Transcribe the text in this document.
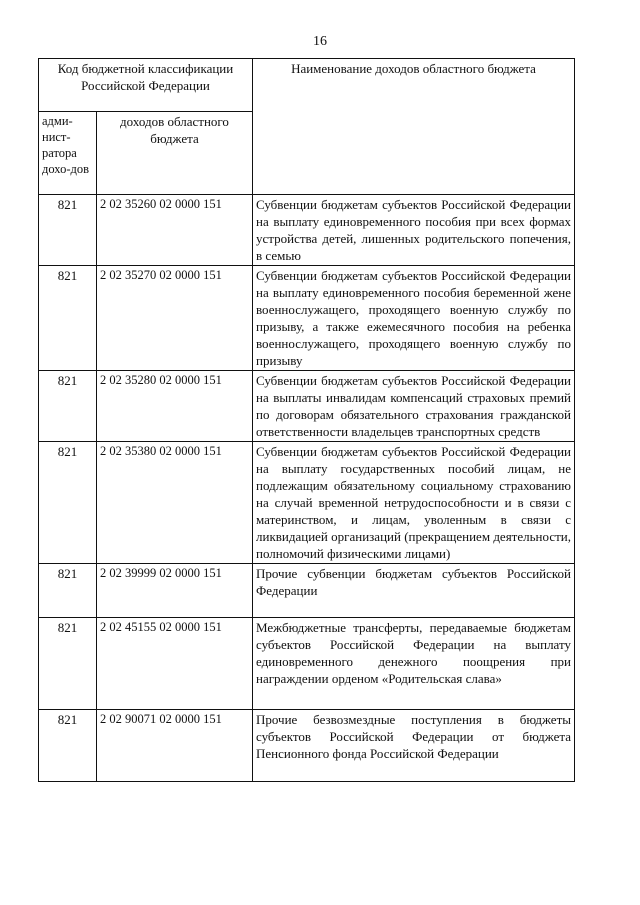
16
Код бюджетной классификации Российской Федерации		Наименование доходов областного бюджета
адми-нист-ратора дохо-дов	доходов областного бюджета	
821	2 02 35260 02 0000 151	Субвенции бюджетам субъектов Российской Федерации на выплату единовременного пособия при всех формах устройства детей, лишенных родительского попечения, в семью
821	2 02 35270 02 0000 151	Субвенции бюджетам субъектов Российской Федерации на выплату единовременного пособия беременной жене военнослужащего, проходящего военную службу по призыву, а также ежемесячного пособия на ребенка военнослужащего, проходящего военную службу по призыву
821	2 02 35280 02 0000 151	Субвенции бюджетам субъектов Российской Федерации на выплаты инвалидам компенсаций страховых премий по договорам обязательного страхования гражданской ответственности владельцев транспортных средств
821	2 02 35380 02 0000 151	Субвенции бюджетам субъектов Российской Федерации на выплату государственных пособий лицам, не подлежащим обязательному социальному страхованию на случай временной нетрудоспособности и в связи с материнством, и лицам, уволенным в связи с ликвидацией организаций (прекращением деятельности, полномочий физическими лицами)
821	2 02 39999 02 0000 151	Прочие субвенции бюджетам субъектов Российской Федерации
821	2 02 45155 02 0000 151	Межбюджетные трансферты, передаваемые бюджетам субъектов Российской Федерации на выплату единовременного денежного поощрения при награждении орденом «Родительская слава»
821	2 02 90071 02 0000 151	Прочие безвозмездные поступления в бюджеты субъектов Российской Федерации от бюджета Пенсионного фонда Российской Федерации
